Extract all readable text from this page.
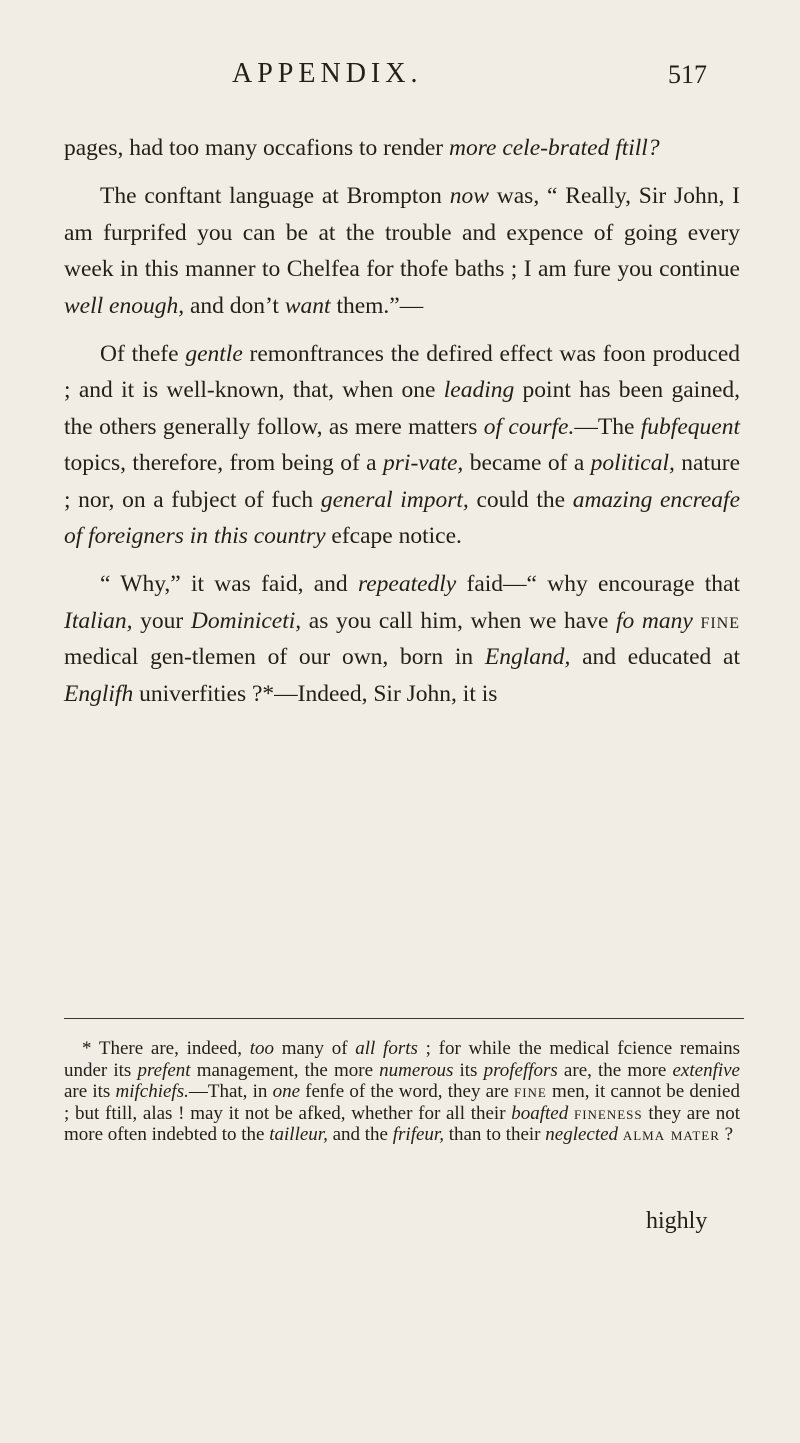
APPENDIX.	517

pages, had too many occafions to render more cele-brated ftill?

The conftant language at Brompton now was, “ Really, Sir John, I am furprifed you can be at the trouble and expence of going every week in this manner to Chelfea for thofe baths ; I am fure you continue well enough, and don’t want them.”—

Of thefe gentle remonftrances the defired effect was foon produced ; and it is well-known, that, when one leading point has been gained, the others generally follow, as mere matters of courfe.—The fubfequent topics, therefore, from being of a pri-vate, became of a political, nature ; nor, on a fubject of fuch general import, could the amazing encreafe of foreigners in this country efcape notice.

“ Why,” it was faid, and repeatedly faid—“ why encourage that Italian, your Dominiceti, as you call him, when we have fo many fine medical gen-tlemen of our own, born in England, and educated at Englifh univerfities ?*—Indeed, Sir John, it is

* There are, indeed, too many of all forts ; for while the medical fcience remains under its prefent management, the more numerous its profeffors are, the more extenfive are its mifchiefs.—That, in one fenfe of the word, they are fine men, it cannot be denied ; but ftill, alas ! may it not be afked, whether for all their boafted fineness they are not more often indebted to the tailleur, and the frifeur, than to their neglected alma mater ?

highly
